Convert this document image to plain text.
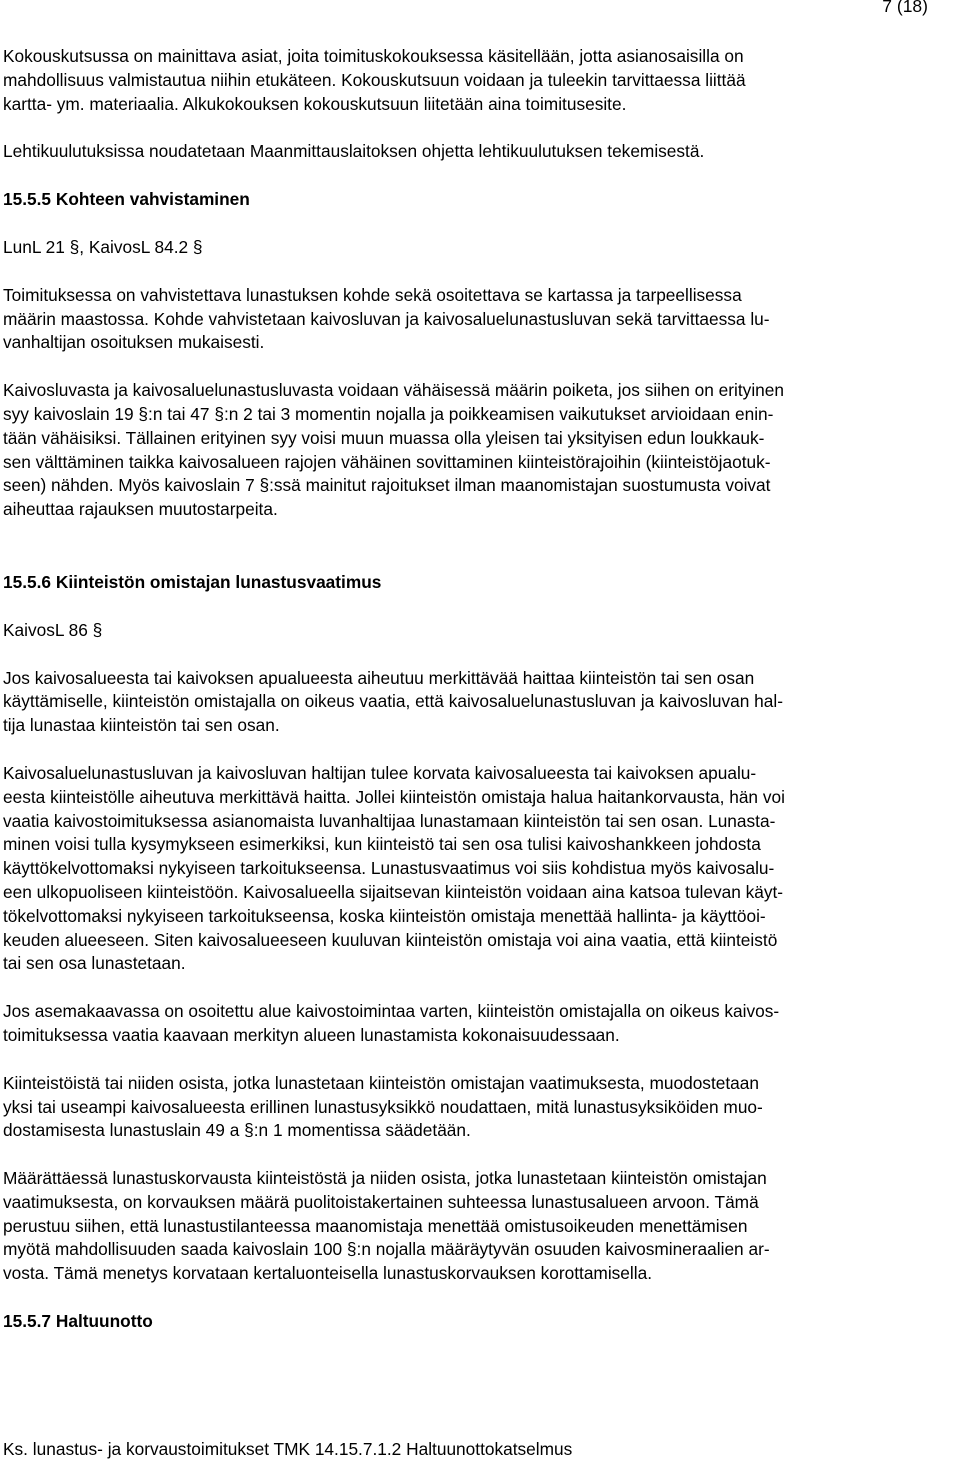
7 (18)

Kokouskutsussa on mainittava asiat, joita toimituskokouksessa käsitellään, jotta asianosaisilla on

mahdollisuus valmistautua niihin etukäteen. Kokouskutsuun voidaan ja tuleekin tarvittaessa liittää

kartta- ym. materiaalia. Alkukokouksen kokouskutsuun liitetään aina toimitusesite.

Lehtikuulutuksissa noudatetaan Maanmittauslaitoksen ohjetta lehtikuulutuksen tekemisestä.

15.5.5 Kohteen vahvistaminen

LunL 21 §, KaivosL 84.2 §

Toimituksessa on vahvistettava lunastuksen kohde sekä osoitettava se kartassa ja tarpeellisessa

määrin maastossa. Kohde vahvistetaan kaivosluvan ja kaivosaluelunastusluvan sekä tarvittaessa lu-

vanhaltijan osoituksen mukaisesti.

Kaivosluvasta ja kaivosaluelunastusluvasta voidaan vähäisessä määrin poiketa, jos siihen on erityinen

syy kaivoslain 19 §:n tai 47 §:n 2 tai 3 momentin nojalla ja poikkeamisen vaikutukset arvioidaan enin-

tään vähäisiksi. Tällainen erityinen syy voisi muun muassa olla yleisen tai yksityisen edun loukkauk-

sen välttäminen taikka kaivosalueen rajojen vähäinen sovittaminen kiinteistörajoihin (kiinteistöjaotuk-

seen) nähden. Myös kaivoslain 7 §:ssä mainitut rajoitukset ilman maanomistajan suostumusta voivat

aiheuttaa rajauksen muutostarpeita.

15.5.6 Kiinteistön omistajan lunastusvaatimus

KaivosL 86 §

Jos kaivosalueesta tai kaivoksen apualueesta aiheutuu merkittävää haittaa kiinteistön tai sen osan

käyttämiselle, kiinteistön omistajalla on oikeus vaatia, että kaivosaluelunastusluvan ja kaivosluvan hal-

tija lunastaa kiinteistön tai sen osan.

Kaivosaluelunastusluvan ja kaivosluvan haltijan tulee korvata kaivosalueesta tai kaivoksen apualu-

eesta kiinteistölle aiheutuva merkittävä haitta. Jollei kiinteistön omistaja halua haitankorvausta, hän voi

vaatia kaivostoimituksessa asianomaista luvanhaltijaa lunastamaan kiinteistön tai sen osan. Lunasta-

minen voisi tulla kysymykseen esimerkiksi, kun kiinteistö tai sen osa tulisi kaivoshankkeen johdosta

käyttökelvottomaksi nykyiseen tarkoitukseensa. Lunastusvaatimus voi siis kohdistua myös kaivosalu-

een ulkopuoliseen kiinteistöön. Kaivosalueella sijaitsevan kiinteistön voidaan aina katsoa tulevan käyt-

tökelvottomaksi nykyiseen tarkoitukseensa, koska kiinteistön omistaja menettää hallinta- ja käyttöoi-

keuden alueeseen. Siten kaivosalueeseen kuuluvan kiinteistön omistaja voi aina vaatia, että kiinteistö

tai sen osa lunastetaan.

Jos asemakaavassa on osoitettu alue kaivostoimintaa varten, kiinteistön omistajalla on oikeus kaivos-

toimituksessa vaatia kaavaan merkityn alueen lunastamista kokonaisuudessaan.

Kiinteistöistä tai niiden osista, jotka lunastetaan kiinteistön omistajan vaatimuksesta, muodostetaan

yksi tai useampi kaivosalueesta erillinen lunastusyksikkö noudattaen, mitä lunastusyksiköiden muo-

dostamisesta lunastuslain 49 a §:n 1 momentissa säädetään.

Määrättäessä lunastuskorvausta kiinteistöstä ja niiden osista, jotka lunastetaan kiinteistön omistajan

vaatimuksesta, on korvauksen määrä puolitoistakertainen suhteessa lunastusalueen arvoon. Tämä

perustuu siihen, että lunastustilanteessa maanomistaja menettää omistusoikeuden menettämisen

myötä mahdollisuuden saada kaivoslain 100 §:n nojalla määräytyvän osuuden kaivosmineraalien ar-

vosta. Tämä menetys korvataan kertaluonteisella lunastuskorvauksen korottamisella.

15.5.7 Haltuunotto

Ks. lunastus- ja korvaustoimitukset TMK 14.15.7.1.2 Haltuunottokatselmus
